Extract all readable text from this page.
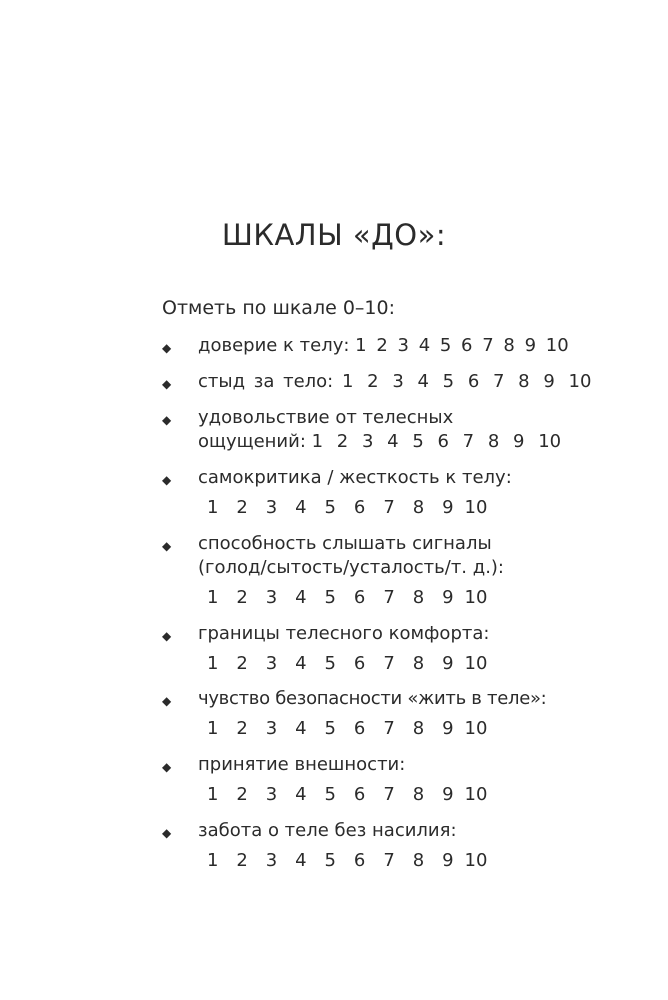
ШКАЛЫ «ДО»:
Отметь по шкале 0–10:
◆ доверие к телу: 1 2 3 4 5 6 7 8 9 10
◆ стыд за тело: 1 2 3 4 5 6 7 8 9 10
◆ удовольствие от телесных
ощущений: 1 2 3 4 5 6 7 8 9 10
◆ самокритика / жесткость к телу:
1 2 3 4 5 6 7 8 9 10
◆ способность слышать сигналы
(голод/сытость/усталость/т. д.):
1 2 3 4 5 6 7 8 9 10
◆ границы телесного комфорта:
1 2 3 4 5 6 7 8 9 10
◆ чувство безопасности «жить в теле»:
1 2 3 4 5 6 7 8 9 10
◆ принятие внешности:
1 2 3 4 5 6 7 8 9 10
◆ забота о теле без насилия:
1 2 3 4 5 6 7 8 9 10
